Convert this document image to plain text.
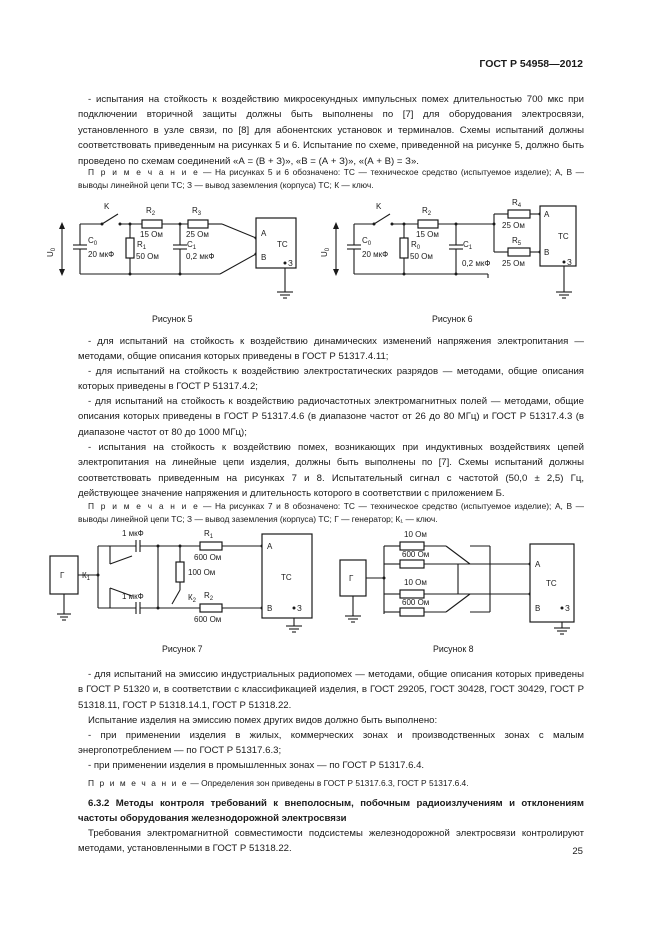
ГОСТ Р 54958—2012
- испытания на стойкость к воздействию микросекундных импульсных помех длительностью 700 мкс при подключении вторичной защиты должны быть выполнены по [7] для оборудования электросвязи, установленного в узле связи, по [8] для абонентских установок и терминалов. Схемы испытаний должны соответствовать приведенным на рисунках 5 и 6. Испытание по схеме, приведенной на рисунке 5, должно быть проведено по схемам соединений «А = (В + З)», «В = (А + З)», «(А + В) = З».
П р и м е ч а н и е — На рисунках 5 и 6 обозначено: ТС — техническое средство (испытуемое изделие); А, В — выводы линейной цепи ТС; З — вывод заземления (корпуса) ТС; К — ключ.
$U_0$
$C_0$
20 мкФ
K	$R_2$
15 Ом
$R_1$
50 Ом
$R_3$
25 Ом
$C_1$
0,2 мкФ
А
В
ТС
З
Рисунок 5
$U_0$
$C_0$
20 мкФ
K	$R_2$
15 Ом
$R_0$
50 Ом
$C_1$
0,2 мкФ
$R_4$
25 Ом
$R_5$
25 Ом
А
В
ТС
З
Рисунок 6
- для испытаний на стойкость к воздействию динамических изменений напряжения электропитания — методами, общие описания которых приведены в ГОСТ Р 51317.4.11;
- для испытаний на стойкость к воздействию электростатических разрядов — методами, общие описания которых приведены в ГОСТ Р 51317.4.2;
- для испытаний на стойкость к воздействию радиочастотных электромагнитных полей — методами, общие описания которых приведены в ГОСТ Р 51317.4.6 (в диапазоне частот от 26 до 80 МГц) и ГОСТ Р 51317.4.3 (в диапазоне частот от 80 до 1000 МГц);
- испытания на стойкость к воздействию помех, возникающих при индуктивных воздействиях цепей электропитания на линейные цепи изделия, должны быть выполнены по [7]. Схемы испытаний должны соответствовать приведенным на рисунках 7 и 8. Испытательный сигнал с частотой (50,0 ± 2,5) Гц, действующее значение напряжения и длительность которого в соответствии с приложением Б.
П р и м е ч а н и е — На рисунках 7 и 8 обозначено: ТС — техническое средство (испытуемое изделие); А, В — выводы линейной цепи ТС; З — вывод заземления (корпуса) ТС; Г — генератор; К₁ — ключ.
Г $К_1$
1 мкФ
1 мкФ
$R_1$
600 Ом
100 Ом
$К_2$
$R_2$
600 Ом
А
В
ТС
З
Рисунок 7
Г
10 Ом
600 Ом
10 Ом
600 Ом
А
В
ТС
З
Рисунок 8
- для испытаний на эмиссию индустриальных радиопомех — методами, общие описания которых приведены в ГОСТ Р 51320 и, в соответствии с классификацией изделия, в ГОСТ 29205, ГОСТ 30428, ГОСТ 30429, ГОСТ Р 51318.11, ГОСТ Р 51318.14.1, ГОСТ Р 51318.22.
Испытание изделия на эмиссию помех других видов должно быть выполнено:
- при применении изделия в жилых, коммерческих зонах и производственных зонах с малым энергопотреблением — по ГОСТ Р 51317.6.3;
- при применении изделия в промышленных зонах — по ГОСТ Р 51317.6.4.
П р и м е ч а н и е — Определения зон приведены в ГОСТ Р 51317.6.3, ГОСТ Р 51317.6.4.
6.3.2 Методы контроля требований к внеполосным, побочным радиоизлучениям и отклонениям частоты оборудования железнодорожной электросвязи
Требования электромагнитной совместимости подсистемы железнодорожной электросвязи контролируют методами, установленными в ГОСТ Р 51318.22.	25
